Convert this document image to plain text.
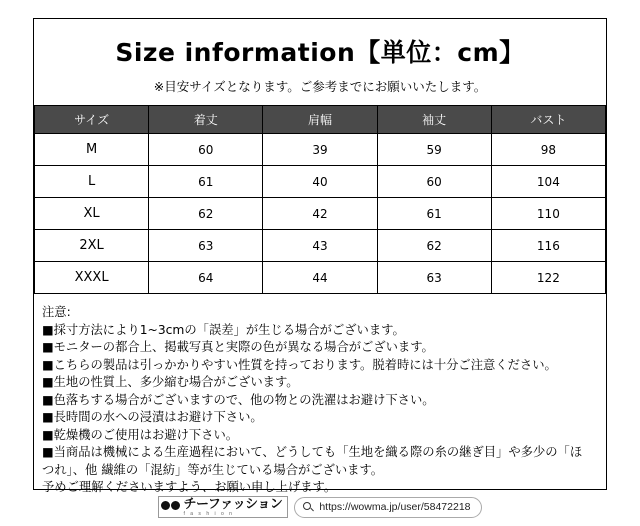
Size information【単位：cm】
※目安サイズとなります。ご参考までにお願いいたします。
サイズ	着丈	肩幅	袖丈	バスト
M	60	39	59	98
L	61	40	60	104
XL	62	42	61	110
2XL	63	43	62	116
XXXL	64	44	63	122
注意:
■採寸方法により1~3cmの「誤差」が生じる場合がございます。
■モニターの都合上、掲載写真と実際の色が異なる場合がございます。
■こちらの製品は引っかかりやすい性質を持っております。脱着時には十分ご注意ください。
■生地の性質上、多少縮む場合がございます。
■色落ちする場合がございますので、他の物との洗濯はお避け下さい。
■長時間の水への浸漬はお避け下さい。
■乾燥機のご使用はお避け下さい。
■当商品は機械による生産過程において、どうしても「生地を織る際の糸の継ぎ目」や多少の「ほ
つれ」、他 繊維の「混紡」等が生じている場合がございます。
予めご理解くださいますよう、お願い申し上げます。
チーファッション
f a s h i o n
https://wowma.jp/user/58472218
